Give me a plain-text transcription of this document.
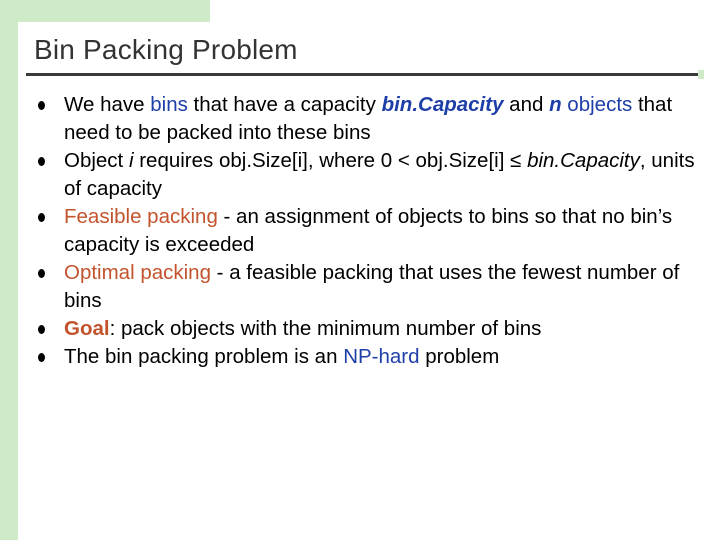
Bin Packing Problem
We have bins that have a capacity bin.Capacity and n objects that need to be packed into these bins
Object i requires obj.Size[i], where 0 < obj.Size[i] ≤ bin.Capacity, units of capacity
Feasible packing - an assignment of objects to bins so that no bin’s capacity is exceeded
Optimal packing - a feasible packing that uses the fewest number of bins
Goal: pack objects with the minimum number of bins
The bin packing problem is an NP-hard problem
